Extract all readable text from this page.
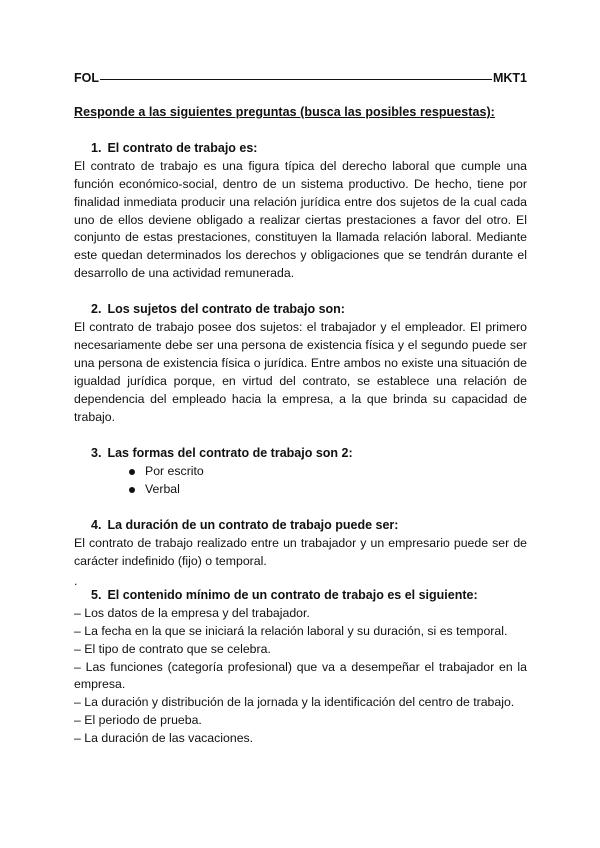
FOL	MKT1
Responde a las siguientes preguntas (busca las posibles respuestas):
1. El contrato de trabajo es:

El contrato de trabajo es una figura típica del derecho laboral que cumple una función económico-social, dentro de un sistema productivo. De hecho, tiene por finalidad inmediata producir una relación jurídica entre dos sujetos de la cual cada uno de ellos deviene obligado a realizar ciertas prestaciones a favor del otro. El conjunto de estas prestaciones, constituyen la llamada relación laboral. Mediante este quedan determinados los derechos y obligaciones que se tendrán durante el desarrollo de una actividad remunerada.

2. Los sujetos del contrato de trabajo son:

El contrato de trabajo posee dos sujetos: el trabajador y el empleador. El primero necesariamente debe ser una persona de existencia física y el segundo puede ser una persona de existencia física o jurídica. Entre ambos no existe una situación de igualdad jurídica porque, en virtud del contrato, se establece una relación de dependencia del empleado hacia la empresa, a la que brinda su capacidad de trabajo.

3. Las formas del contrato de trabajo son 2:
Por escrito
Verbal
4. La duración de un contrato de trabajo puede ser:

El contrato de trabajo realizado entre un trabajador y un empresario puede ser de carácter indefinido (fijo) o temporal.

.
5. El contenido mínimo de un contrato de trabajo es el siguiente:

– Los datos de la empresa y del trabajador.

– La fecha en la que se iniciará la relación laboral y su duración, si es temporal.

– El tipo de contrato que se celebra.

– Las funciones (categoría profesional) que va a desempeñar el trabajador en la empresa.

– La duración y distribución de la jornada y la identificación del centro de trabajo.

– El periodo de prueba.

– La duración de las vacaciones.
